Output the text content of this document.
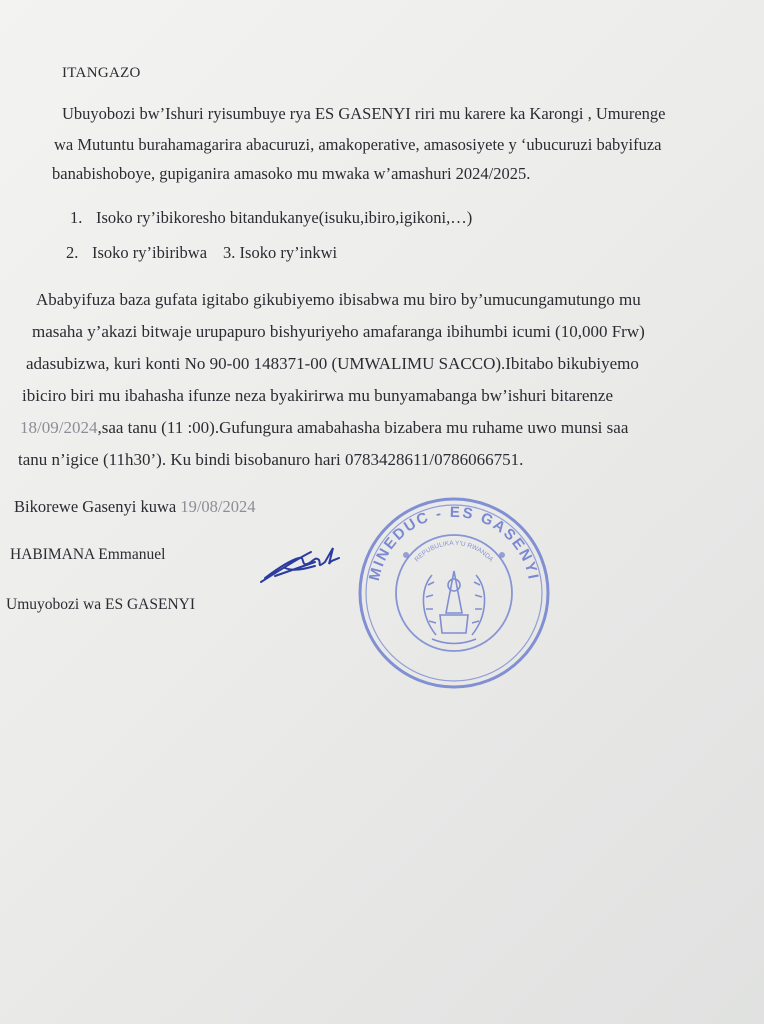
ITANGAZO
Ubuyobozi bw’Ishuri ryisumbuye rya ES GASENYI riri mu karere ka Karongi , Umurenge
wa Mutuntu burahamagarira abacuruzi, amakoperative, amasosiyete y ‘ubucuruzi babyifuza
banabishoboye, gupiganira amasoko mu mwaka w’amashuri 2024/2025.
1. Isoko ry’ibikoresho bitandukanye(isuku,ibiro,igikoni,…)
2. Isoko ry’ibiribwa 3. Isoko ry’inkwi
Ababyifuza baza gufata igitabo gikubiyemo ibisabwa mu biro by’umucungamutungo mu
masaha y’akazi bitwaje urupapuro bishyuriyeho amafaranga ibihumbi icumi (10,000 Frw)
adasubizwa, kuri konti No 90-00 148371-00 (UMWALIMU SACCO).Ibitabo bikubiyemo
ibiciro biri mu ibahasha ifunze neza byakirirwa mu bunyamabanga bw’ishuri bitarenze
18/09/2024,saa tanu (11 :00).Gufungura amabahasha bizabera mu ruhame uwo munsi saa
tanu n’igice (11h30’). Ku bindi bisobanuro hari 0783428611/0786066751.
Bikorewe Gasenyi kuwa 19/08/2024
HABIMANA Emmanuel
Umuyobozi wa ES GASENYI
MINEDUC - ES GASENYI
REPUBULIKA Y'U RWANDA
